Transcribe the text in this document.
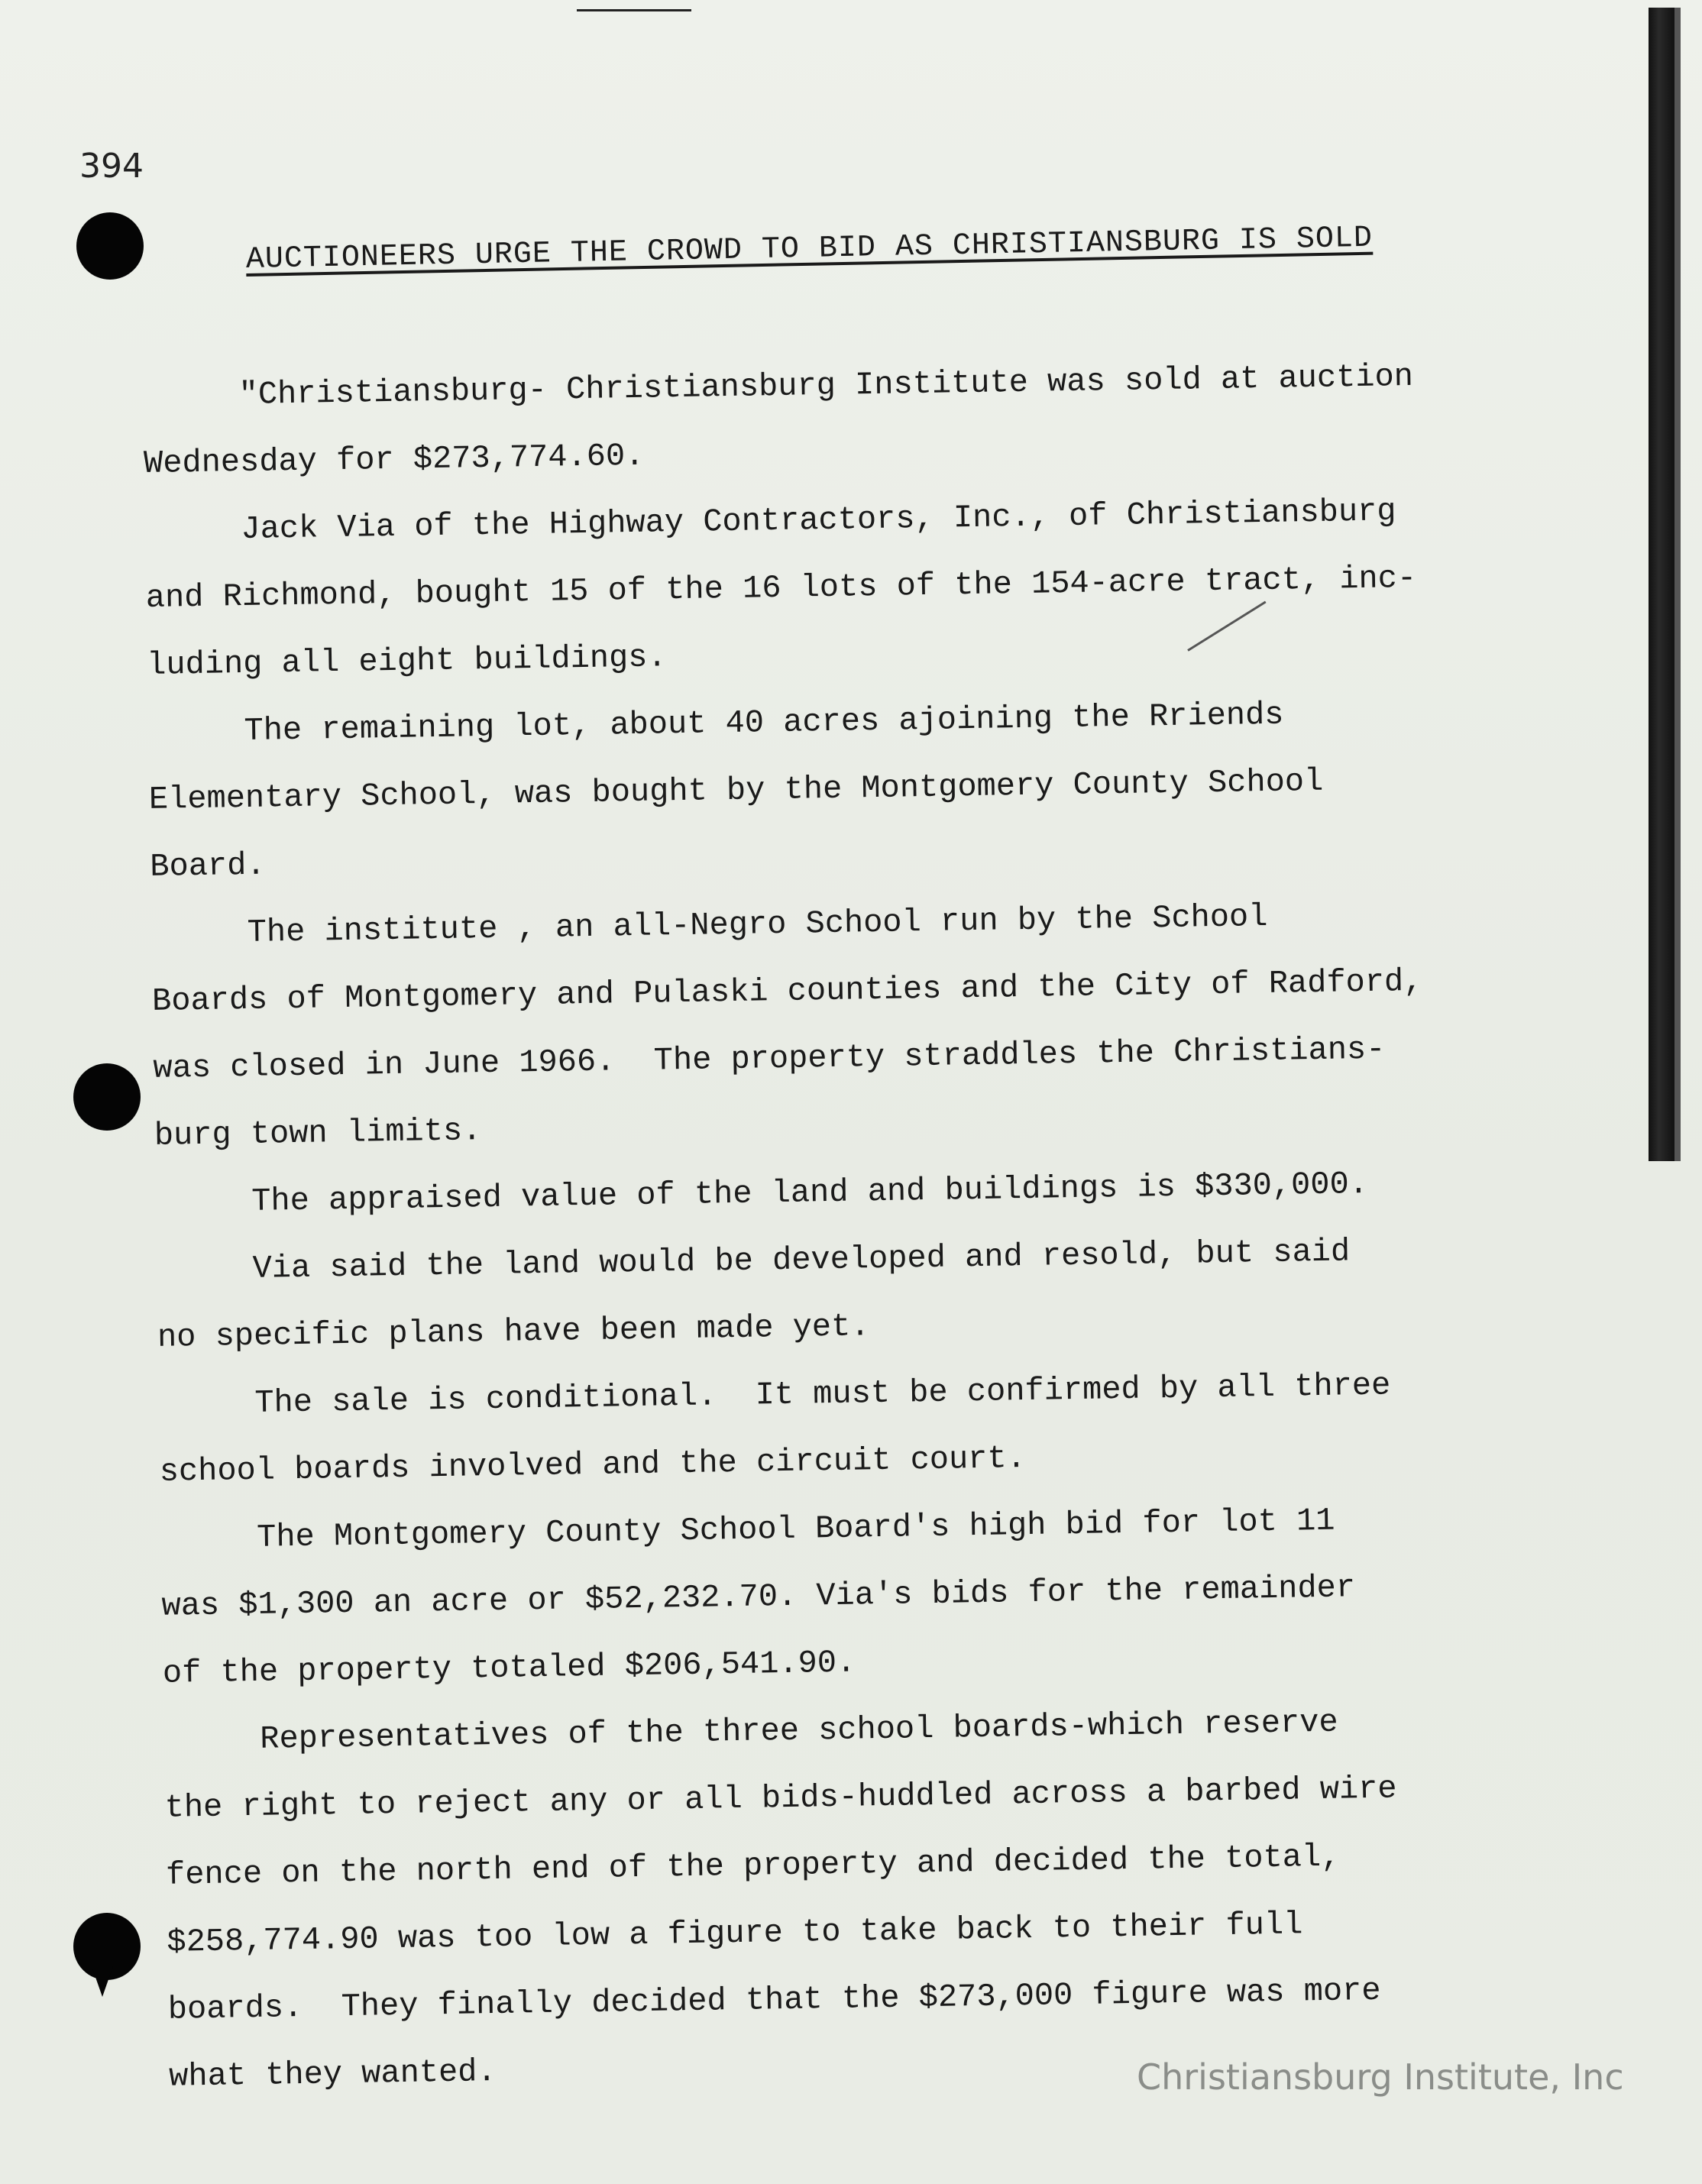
394
AUCTIONEERS URGE THE CROWD TO BID AS CHRISTIANSBURG IS SOLD
"Christiansburg- Christiansburg Institute was sold at auction
Wednesday for $273,774.60.
Jack Via of the Highway Contractors, Inc., of Christiansburg
and Richmond, bought 15 of the 16 lots of the 154-acre tract, inc-
luding all eight buildings.
The remaining lot, about 40 acres ajoining the Rriends
Elementary School, was bought by the Montgomery County School
Board.
The institute , an all-Negro School run by the School
Boards of Montgomery and Pulaski counties and the City of Radford,
was closed in June 1966.  The property straddles the Christians-
burg town limits.
The appraised value of the land and buildings is $330,000.
Via said the land would be developed and resold, but said
no specific plans have been made yet.
The sale is conditional.  It must be confirmed by all three
school boards involved and the circuit court.
The Montgomery County School Board's high bid for lot 11
was $1,300 an acre or $52,232.70. Via's bids for the remainder
of the property totaled $206,541.90.
Representatives of the three school boards-which reserve
the right to reject any or all bids-huddled across a barbed wire
fence on the north end of the property and decided the total,
$258,774.90 was too low a figure to take back to their full
boards.  They finally decided that the $273,000 figure was more
what they wanted.	Christiansburg Institute, Inc
